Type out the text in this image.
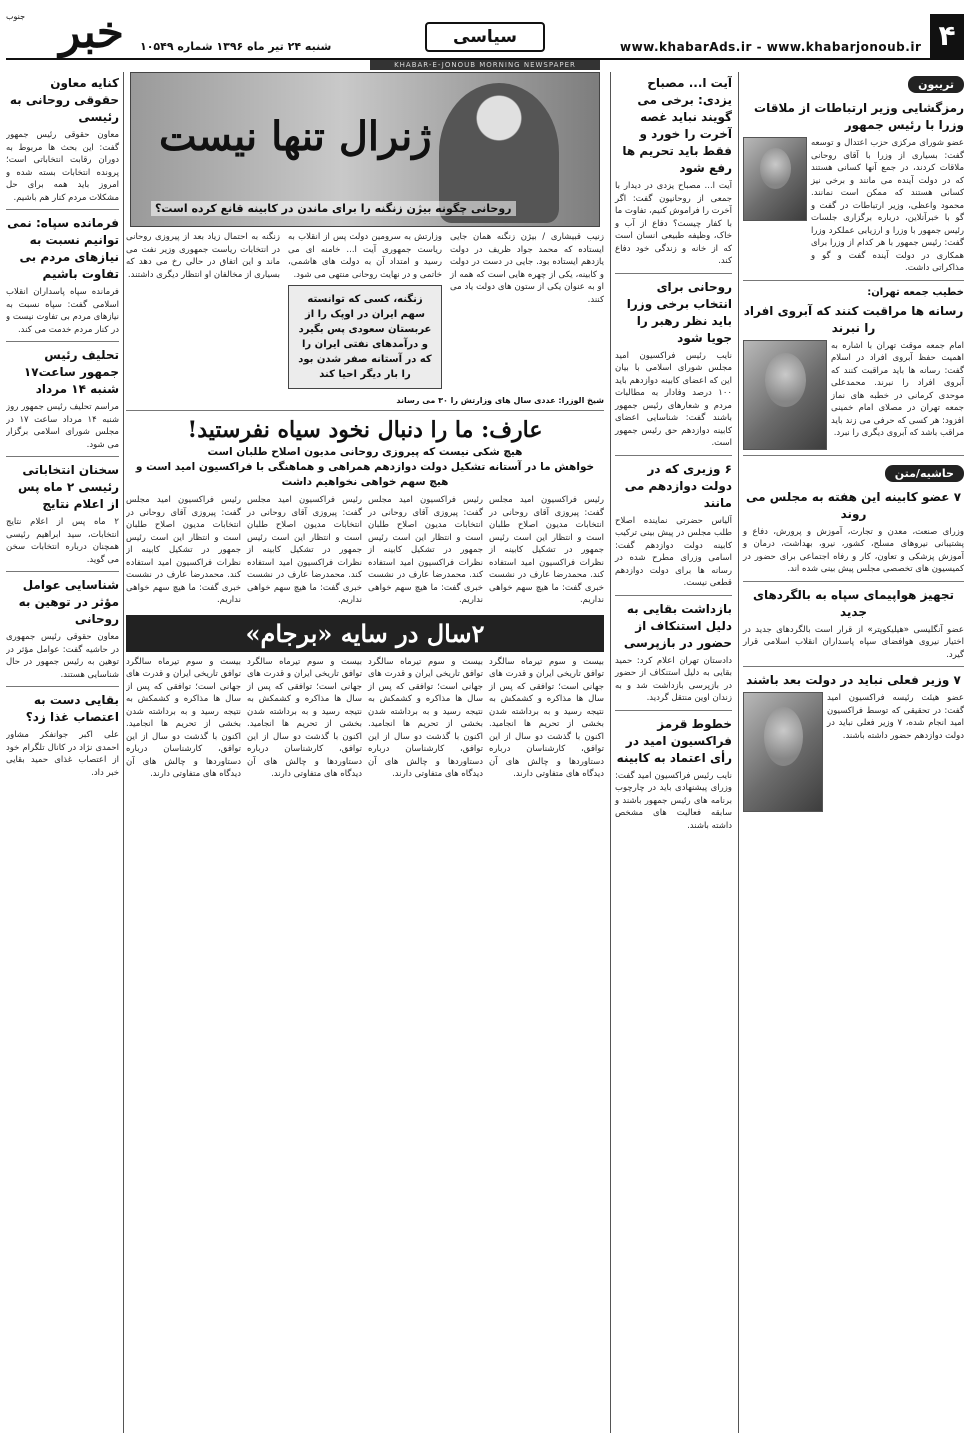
خبر
جنوب
شنبه ۲۴ تیر ماه ۱۳۹۶ شماره ۱۰۵۴۹	سیاسی	www.khabarAds.ir - www.khabarjonoub.ir ۴
KHABAR-E-JONOUB MORNING NEWSPAPER
تریبون
رمزگشایی وزیر ارتباطات از ملاقات وزرا با رئیس جمهور
عضو شورای مرکزی حزب اعتدال و توسعه گفت: بسیاری از وزرا با آقای روحانی ملاقات کردند، در جمع آنها کسانی هستند که در دولت آینده می مانند و برخی نیز کسانی هستند که ممکن است نمانند. محمود واعظی، وزیر ارتباطات در گفت و گو با خبرآنلاین، درباره برگزاری جلسات رئیس جمهور با وزرا و ارزیابی عملکرد وزرا گفت: رئیس جمهور با هر کدام از وزرا برای همکاری در دولت آینده گفت و گو و مذاکراتی داشت.
خطیب جمعه تهران:
رسانه ها مراقبت کنند که آبروی افراد را نبرند
امام جمعه موقت تهران با اشاره به اهمیت حفظ آبروی افراد در اسلام گفت: رسانه ها باید مراقبت کنند که آبروی افراد را نبرند. محمدعلی موحدی کرمانی در خطبه های نماز جمعه تهران در مصلای امام خمینی افزود: هر کسی که حرفی می زند باید مراقب باشد که آبروی دیگری را نبرد.
حاشیه/متن
۷ عضو کابینه این هفته به مجلس می روند
وزرای صنعت، معدن و تجارت، آموزش و پرورش، دفاع و پشتیبانی نیروهای مسلح، کشور، نیرو، بهداشت، درمان و آموزش پزشکی و تعاون، کار و رفاه اجتماعی برای حضور در کمیسیون های تخصصی مجلس پیش بینی شده اند.
تجهیز هواپیمای سپاه به بالگردهای جدید
عضو آنگلیسی «هیلیکوپتر» از قرار است بالگردهای جدید در اختیار نیروی هوافضای سپاه پاسداران انقلاب اسلامی قرار گیرد.
۷ وزیر فعلی نباید در دولت بعد باشند
عضو هیئت رئیسه فراکسیون امید گفت: در تحقیقی که توسط فراکسیون امید انجام شده، ۷ وزیر فعلی نباید در دولت دوازدهم حضور داشته باشند.
آیت ا... مصباح یزدی: برخی می گویند نباید غصه آخرت را خورد و فقط باید تحریم ها رفع شود
آیت ا... مصباح یزدی در دیدار با جمعی از روحانیون گفت: اگر آخرت را فراموش کنیم، تفاوت ما با کفار چیست؟ دفاع از آب و خاک، وظیفه طبیعی انسان است که از خانه و زندگی خود دفاع کند.
روحانی برای انتخاب برخی وزرا باید نظر رهبر را جویا شود
نایب رئیس فراکسیون امید مجلس شورای اسلامی با بیان این که اعضای کابینه دوازدهم باید ۱۰۰ درصد وفادار به مطالبات مردم و شعارهای رئیس جمهور باشند گفت: شناسایی اعضای کابینه دوازدهم حق رئیس جمهور است.
۶ وزیری که در دولت دوازدهم می مانند
آلیاس حضرتی نماینده اصلاح طلب مجلس در پیش بینی ترکیب کابینه دولت دوازدهم گفت: اسامی وزرای مطرح شده در رسانه ها برای دولت دوازدهم قطعی نیست.
بازداشت بقایی به دلیل استنکاف از حضور در بازپرسی
دادستان تهران اعلام کرد: حمید بقایی به دلیل استنکاف از حضور در بازپرسی بازداشت شد و به زندان اوین منتقل گردید.
خطوط قرمز فراکسیون امید در رأی اعتماد به کابینه
نایب رئیس فراکسیون امید گفت: وزرای پیشنهادی باید در چارچوب برنامه های رئیس جمهور باشند و سابقه فعالیت های مشخص داشته باشند.
ژنرال تنها نیست
روحانی چگونه بیژن زنگنه را برای ماندن در کابینه قانع کرده است؟
زنیب قبیشاری / بیژن زنگنه همان جایی ایستاده که محمد جواد ظریف در دولت یازدهم ایستاده بود. جایی در دست در دولت و کابینه، یکی از چهره هایی است که همه از او به عنوان یکی از ستون های دولت یاد می کنند.
وزارتش به سرومین دولت پس از انقلاب به ریاست جمهوری آیت ا... خامنه ای می رسید و امتداد آن به دولت های هاشمی، خاتمی و در نهایت روحانی منتهی می شود.
زنگنه، کسی که توانسته سهم ایران در اوپک را از عربستان سعودی پس بگیرد و درآمدهای نفتی ایران را که در آستانه صفر شدن بود را بار دیگر احیا کند
زنگنه به احتمال زیاد بعد از پیروزی روحانی در انتخابات ریاست جمهوری وزیر نفت می ماند و این اتفاق در حالی رخ می دهد که بسیاری از مخالفان او انتظار دیگری داشتند.
شیخ الوزرا: عددی سال های وزارتش را ۳۰ می رساند
عارف: ما را دنبال نخود سیاه نفرستید!
هیچ شکی نیست که پیروزی روحانی مدیون اصلاح طلبان است
خواهش ما در آستانه تشکیل دولت دوازدهم همراهی و هماهنگی با فراکسیون امید است و هیچ سهم خواهی نخواهیم داشت
رئیس فراکسیون امید مجلس گفت: پیروزی آقای روحانی در انتخابات مدیون اصلاح طلبان است و انتظار این است رئیس جمهور در تشکیل کابینه از نظرات فراکسیون امید استفاده کند. محمدرضا عارف در نشست خبری گفت: ما هیچ سهم خواهی نداریم.
رئیس فراکسیون امید مجلس گفت: پیروزی آقای روحانی در انتخابات مدیون اصلاح طلبان است و انتظار این است رئیس جمهور در تشکیل کابینه از نظرات فراکسیون امید استفاده کند. محمدرضا عارف در نشست خبری گفت: ما هیچ سهم خواهی نداریم.
رئیس فراکسیون امید مجلس گفت: پیروزی آقای روحانی در انتخابات مدیون اصلاح طلبان است و انتظار این است رئیس جمهور در تشکیل کابینه از نظرات فراکسیون امید استفاده کند. محمدرضا عارف در نشست خبری گفت: ما هیچ سهم خواهی نداریم.
رئیس فراکسیون امید مجلس گفت: پیروزی آقای روحانی در انتخابات مدیون اصلاح طلبان است و انتظار این است رئیس جمهور در تشکیل کابینه از نظرات فراکسیون امید استفاده کند. محمدرضا عارف در نشست خبری گفت: ما هیچ سهم خواهی نداریم.
۲سال در سایه «برجام»
بیست و سوم تیرماه سالگرد توافق تاریخی ایران و قدرت های جهانی است؛ توافقی که پس از سال ها مذاکره و کشمکش به نتیجه رسید و به برداشته شدن بخشی از تحریم ها انجامید. اکنون با گذشت دو سال از این توافق، کارشناسان درباره دستاوردها و چالش های آن دیدگاه های متفاوتی دارند.
بیست و سوم تیرماه سالگرد توافق تاریخی ایران و قدرت های جهانی است؛ توافقی که پس از سال ها مذاکره و کشمکش به نتیجه رسید و به برداشته شدن بخشی از تحریم ها انجامید. اکنون با گذشت دو سال از این توافق، کارشناسان درباره دستاوردها و چالش های آن دیدگاه های متفاوتی دارند.
بیست و سوم تیرماه سالگرد توافق تاریخی ایران و قدرت های جهانی است؛ توافقی که پس از سال ها مذاکره و کشمکش به نتیجه رسید و به برداشته شدن بخشی از تحریم ها انجامید. اکنون با گذشت دو سال از این توافق، کارشناسان درباره دستاوردها و چالش های آن دیدگاه های متفاوتی دارند.
بیست و سوم تیرماه سالگرد توافق تاریخی ایران و قدرت های جهانی است؛ توافقی که پس از سال ها مذاکره و کشمکش به نتیجه رسید و به برداشته شدن بخشی از تحریم ها انجامید. اکنون با گذشت دو سال از این توافق، کارشناسان درباره دستاوردها و چالش های آن دیدگاه های متفاوتی دارند.
کنایه معاون حقوقی روحانی به رئیسی
معاون حقوقی رئیس جمهور گفت: این بحث ها مربوط به دوران رقابت انتخاباتی است؛ پرونده انتخابات بسته شده و امروز باید همه برای حل مشکلات مردم کنار هم باشیم.
فرمانده سپاه: نمی توانیم نسبت به نیازهای مردم بی تفاوت باشیم
فرمانده سپاه پاسداران انقلاب اسلامی گفت: سپاه نسبت به نیازهای مردم بی تفاوت نیست و در کنار مردم خدمت می کند.
تحلیف رئیس جمهور ساعت۱۷ شنبه ۱۴ مرداد
مراسم تحلیف رئیس جمهور روز شنبه ۱۴ مرداد ساعت ۱۷ در مجلس شورای اسلامی برگزار می شود.
سخنان انتخاباتی رئیسی ۲ ماه پس از اعلام نتایج
۲ ماه پس از اعلام نتایج انتخابات، سید ابراهیم رئیسی همچنان درباره انتخابات سخن می گوید.
شناسایی عوامل مؤثر در توهین به روحانی
معاون حقوقی رئیس جمهوری در حاشیه گفت: عوامل مؤثر در توهین به رئیس جمهور در حال شناسایی هستند.
بقایی دست به اعتصاب غذا زد؟
علی اکبر جوانفکر مشاور احمدی نژاد در کانال تلگرام خود از اعتصاب غذای حمید بقایی خبر داد.
